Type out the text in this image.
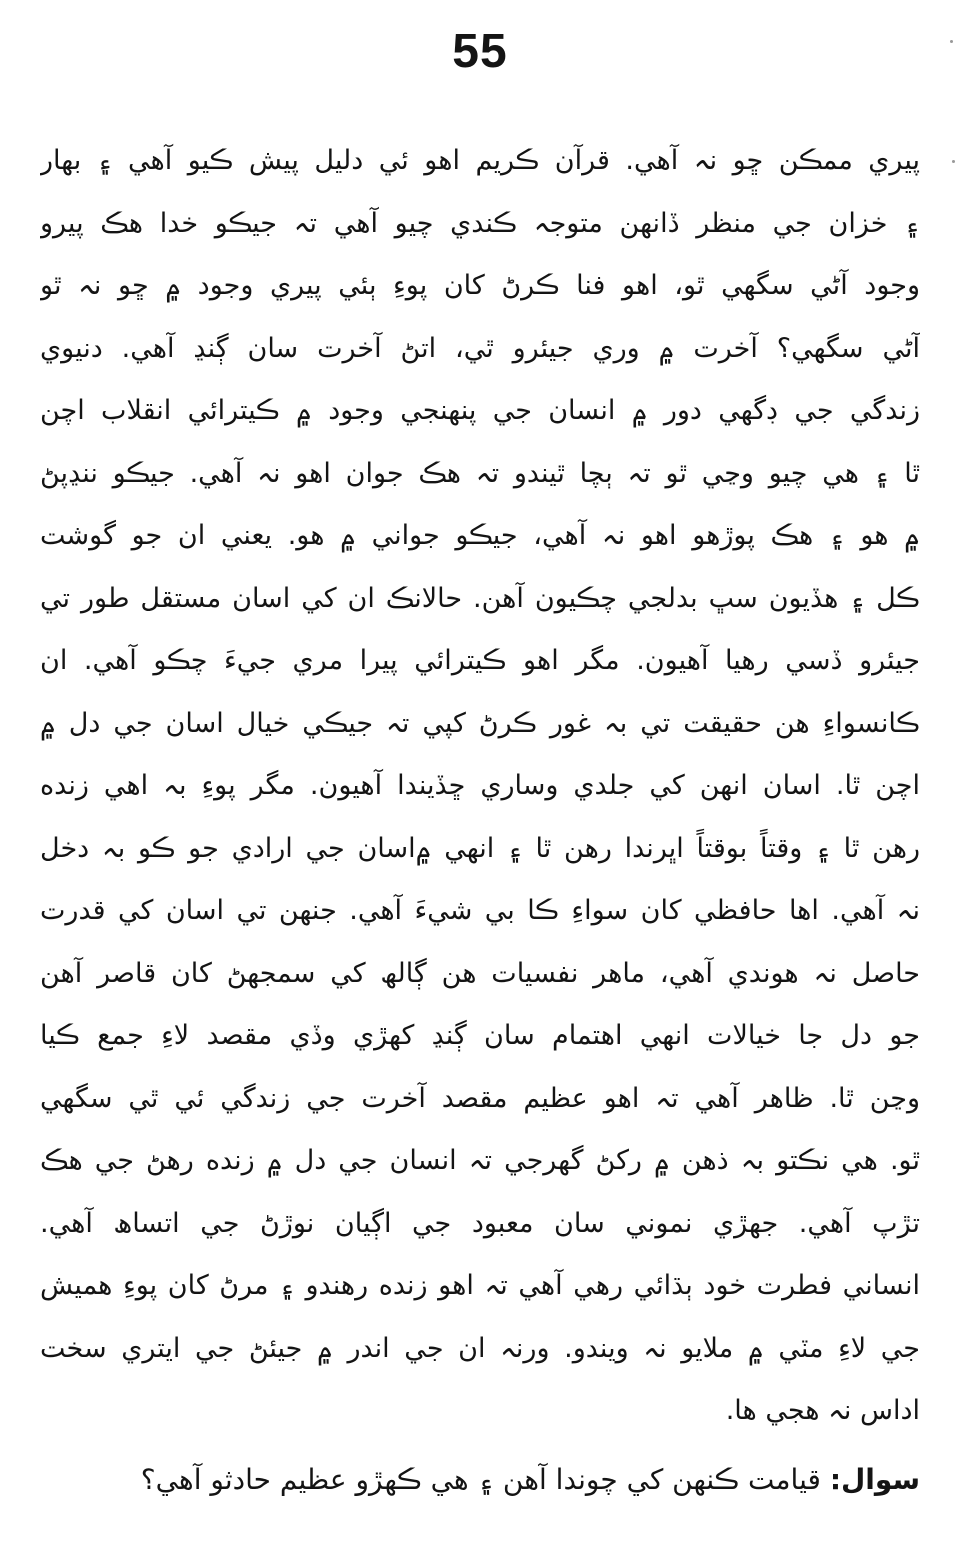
55
پيري ممڪن ڇو نہ آهي. قرآن ڪريم اهو ئي دليل پيش ڪيو آهي ۽ بهار
۽ خزان جي منظر ڏانهن متوجہ ڪندي چيو آهي تہ جيڪو خدا هڪ پيرو
وجود آڻي سگهي ٿو، اهو فنا ڪرڻ کان پوءِ ٻئي پيري وجود ۾ ڇو نہ ٿو
آڻي سگهي؟ آخرت ۾ وري جيئرو ٿي، اتڻ آخرت سان ڳنڍ آهي. دنيوي
زندگي جي ڊگهي دور ۾ انسان جي پنهنجي وجود ۾ ڪيترائي انقلاب اچن
ٿا ۽ هي چيو وڃي ٿو تہ ٻچا ٿيندو تہ هڪ جوان اهو نہ آهي. جيڪو ننڍپڻ
۾ هو ۽ هڪ پوڙهو اهو نہ آهي، جيڪو جواني ۾ هو. يعني ان جو گوشت
ڪل ۽ هڏيون سڀ بدلجي چڪيون آهن. حالانڪ ان کي اسان مستقل طور تي
جيئرو ڏسي رهيا آهيون. مگر اهو ڪيترائي پيرا مري جيءَ چڪو آهي. ان
ڪانسواءِ هن حقيقت تي بہ غور ڪرڻ کپي تہ جيڪي خيال اسان جي دل ۾
اچن ٿا. اسان انهن کي جلدي وساري ڇڏيندا آهيون. مگر پوءِ بہ اهي زنده
رهن ٿا ۽ وقتاً بوقتاً اڀرندا رهن ٿا ۽ انهي ۾اسان جي ارادي جو ڪو بہ دخل
نہ آهي. اها حافظي کان سواءِ ڪا بي شيءَ آهي. جنهن تي اسان کي قدرت
حاصل نہ هوندي آهي، ماهر نفسيات هن ڳالھ کي سمجهڻ کان قاصر آهن
جو دل جا خيالات انهي اهتمام سان ڳنڍ کهڙي وڏي مقصد لاءِ جمع ڪيا
وڃن ٿا. ظاهر آهي تہ اهو عظيم مقصد آخرت جي زندگي ئي ٿي سگهي
ٿو. هي نڪتو بہ ذهن ۾ رکڻ گهرجي تہ انسان جي دل ۾ زنده رهڻ جي هڪ
تڙپ آهي. جهڙي نموني سان معبود جي اڳيان نوڙڻ جي اتساھ آهي.
انساني فطرت خود ٻڌائي رهي آهي تہ اهو زنده رهندو ۽ مرڻ کان پوءِ هميش
جي لاءِ مٽي ۾ ملايو نہ ويندو. ورنہ ان جي اندر ۾ جيئڻ جي ايتري سخت
اداس نہ هجي ها.
سوال: قيامت ڪنهن کي چوندا آهن ۽ هي ڪهڙو عظيم حادثو آهي؟
